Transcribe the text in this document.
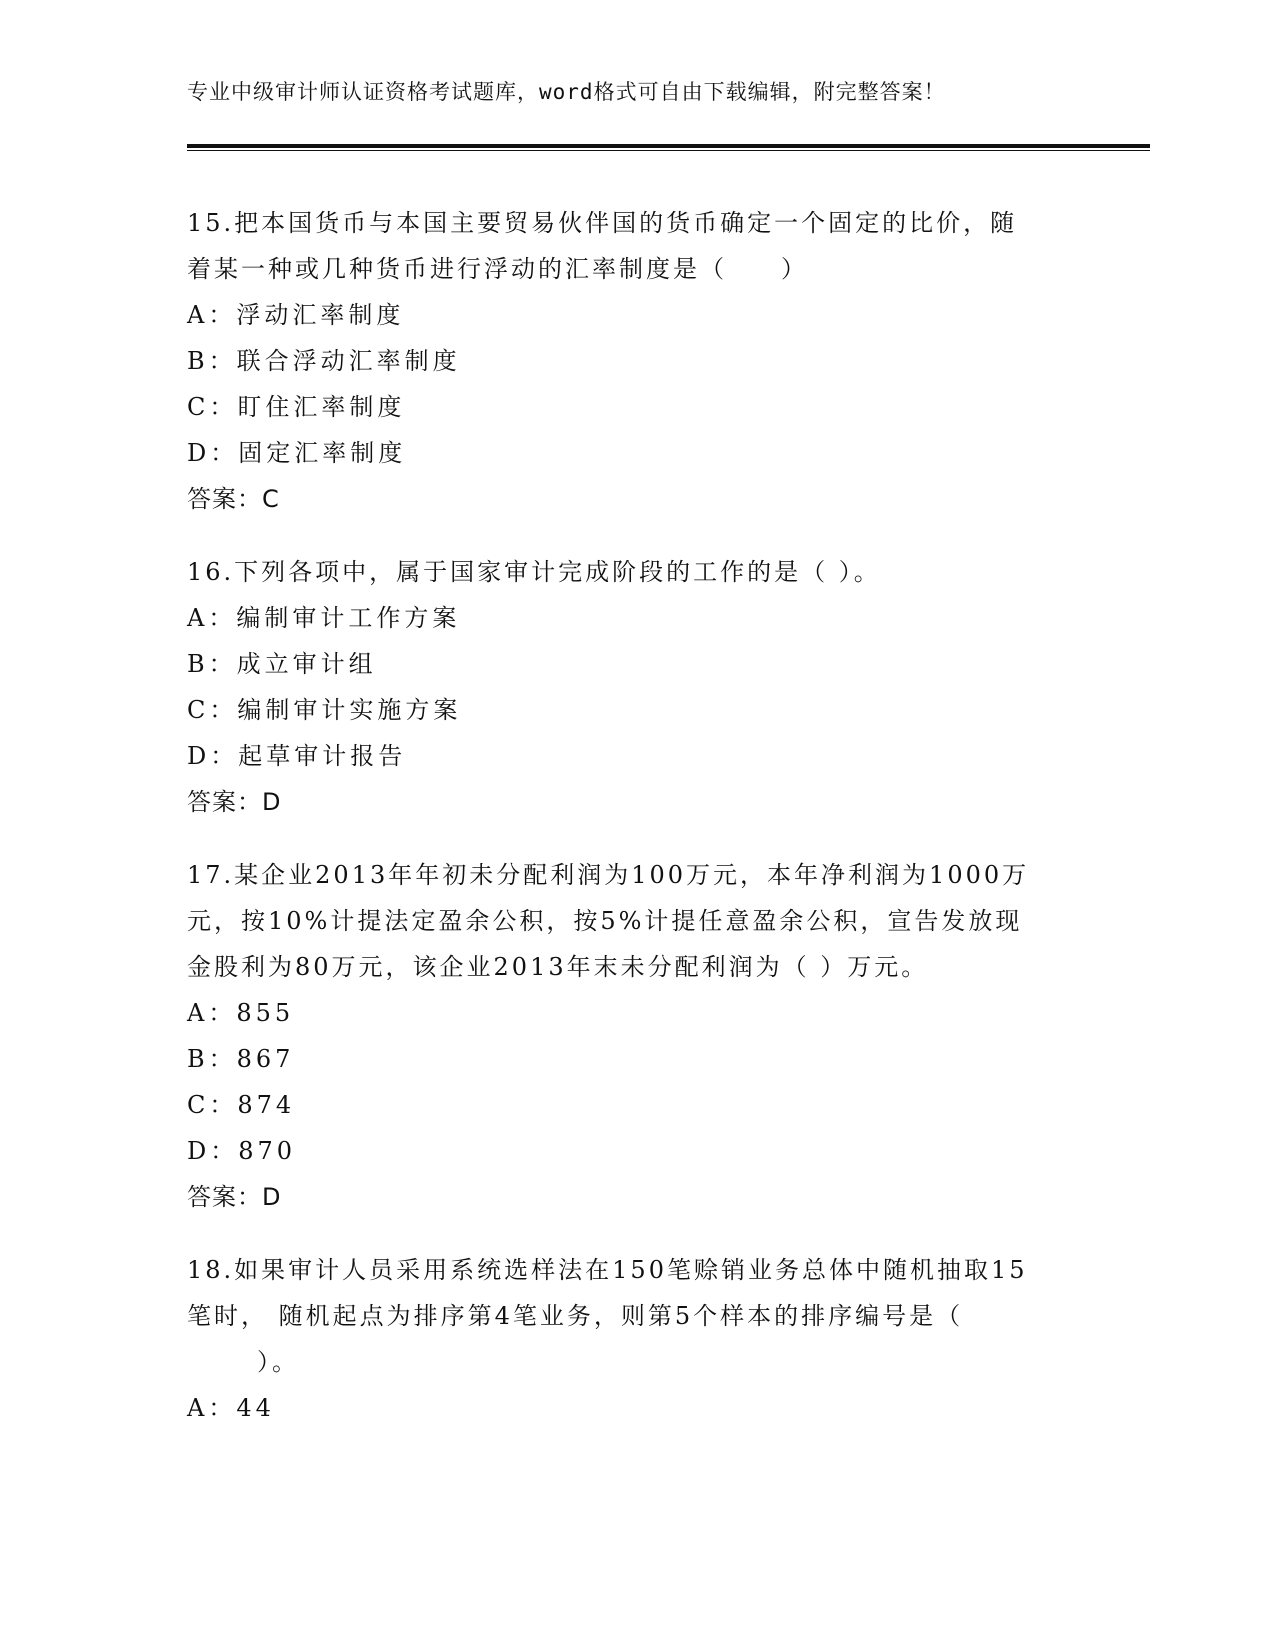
专业中级审计师认证资格考试题库，word格式可自由下载编辑，附完整答案！
15.把本国货币与本国主要贸易伙伴国的货币确定一个固定的比价，随
着某一种或几种货币进行浮动的汇率制度是（　　）
A：浮动汇率制度
B：联合浮动汇率制度
C：盯住汇率制度
D：固定汇率制度
答案：C
16.下列各项中，属于国家审计完成阶段的工作的是（ ）。
A：编制审计工作方案
B：成立审计组
C：编制审计实施方案
D：起草审计报告
答案：D
17.某企业2013年年初未分配利润为100万元，本年净利润为1000万
元，按10%计提法定盈余公积，按5%计提任意盈余公积，宣告发放现
金股利为80万元，该企业2013年末未分配利润为（ ）万元。
A：855
B：867
C：874
D：870
答案：D
18.如果审计人员采用系统选样法在150笔赊销业务总体中随机抽取15
笔时， 随机起点为排序第4笔业务，则第5个样本的排序编号是（
）。
A：44
